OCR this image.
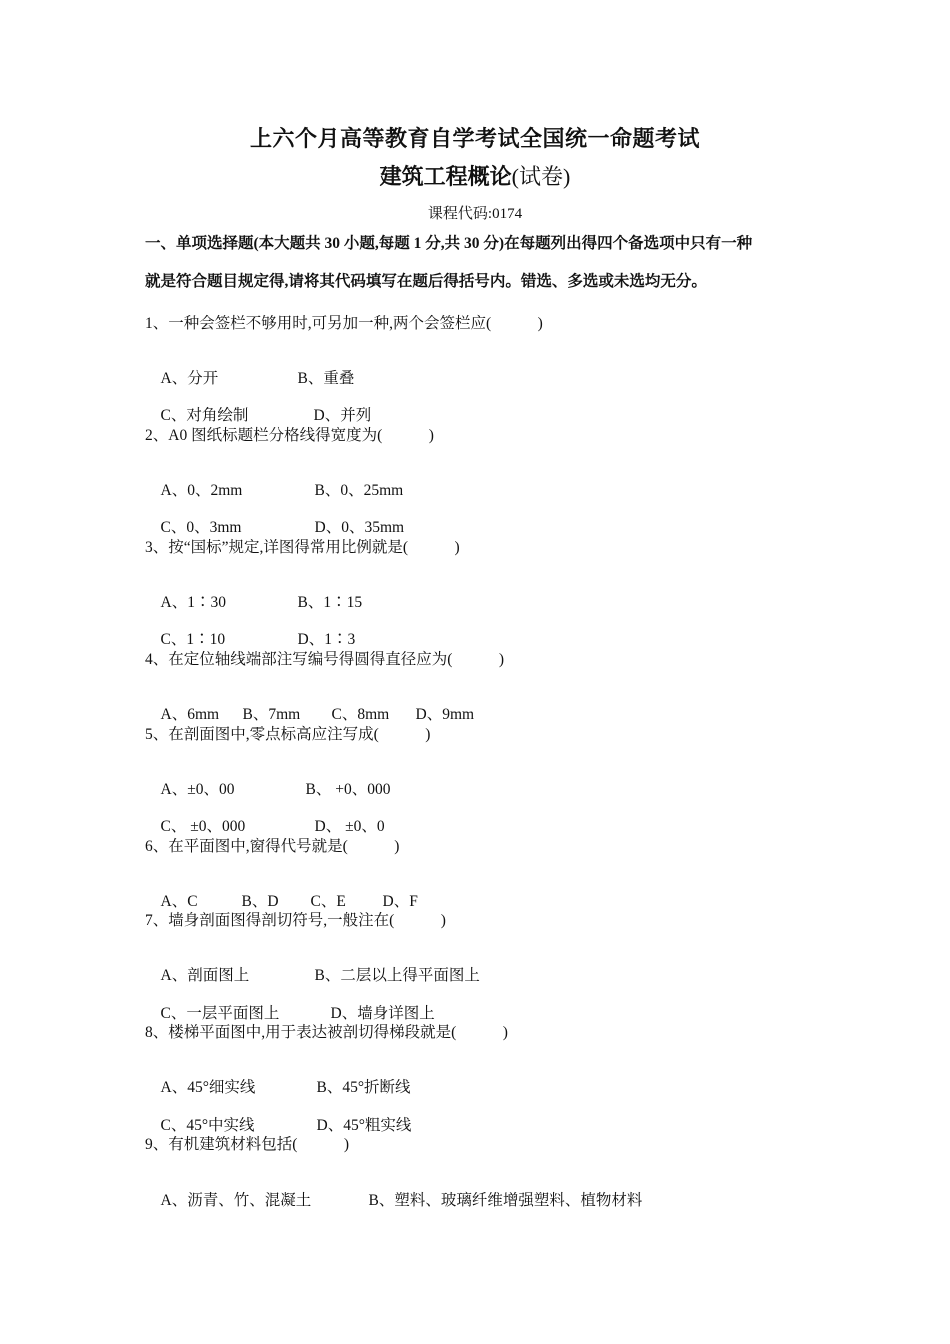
上六个月高等教育自学考试全国统一命题考试
建筑工程概论(试卷)
课程代码:0174
一、单项选择题(本大题共 30 小题,每题 1 分,共 30 分)在每题列出得四个备选项中只有一种
就是符合题目规定得,请将其代码填写在题后得括号内。错选、多选或未选均无分。
1、一种会签栏不够用时,可另加一种,两个会签栏应(　　　)

A、分开	B、重叠

C、对角绘制	D、并列

2、A0 图纸标题栏分格线得宽度为(　　　)

A、0、2mm	B、0、25mm

C、0、3mm	D、0、35mm

3、按“国标”规定,详图得常用比例就是(　　　)

A、1∶30	B、1∶15

C、1∶10	D、1∶3

4、在定位轴线端部注写编号得圆得直径应为(　　　)

A、6mm B、7mm C、8mm D、9mm

5、在剖面图中,零点标高应注写成(　　　)

A、±0、00	B、 +0、000

C、 ±0、000	D、 ±0、0

6、在平面图中,窗得代号就是(　　　)

A、C	B、D C、E D、F

7、墙身剖面图得剖切符号,一般注在(　　　)

A、剖面图上	B、二层以上得平面图上

C、一层平面图上	D、墙身详图上

8、楼梯平面图中,用于表达被剖切得梯段就是(　　　)

A、45°细实线	B、45°折断线

C、45°中实线	D、45°粗实线

9、有机建筑材料包括(　　　)

A、沥青、竹、混凝土	B、塑料、玻璃纤维增强塑料、植物材料
